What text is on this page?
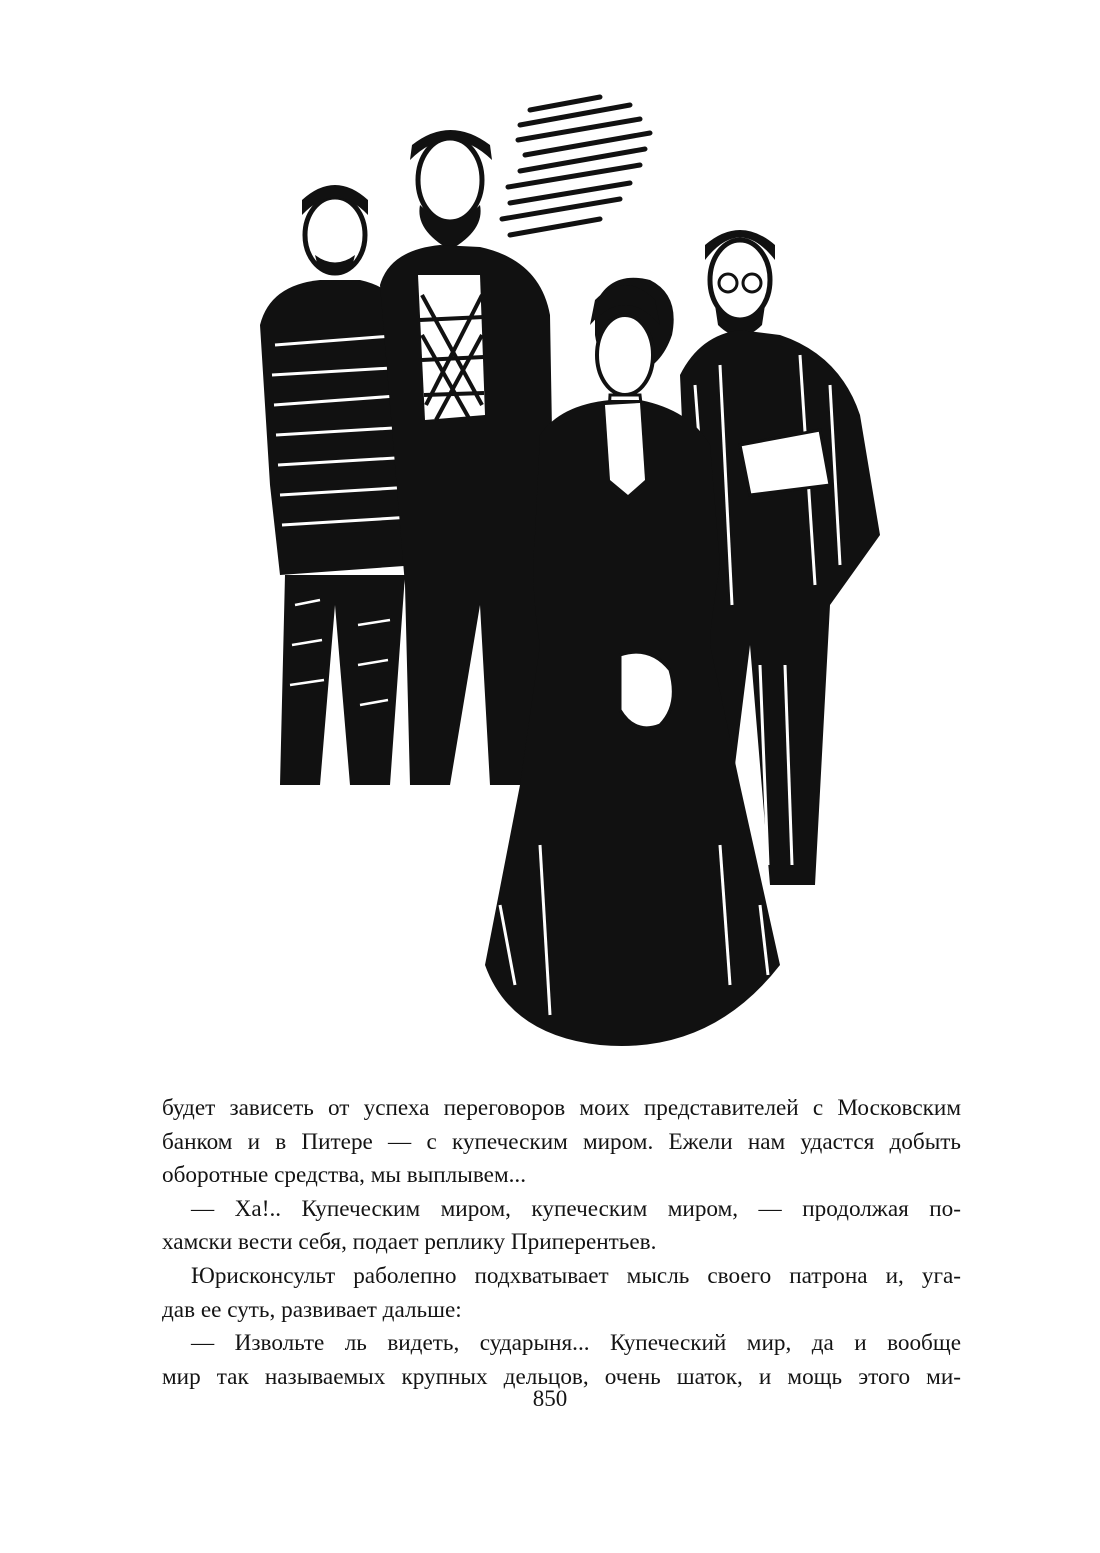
будет зависеть от успеха переговоров моих представителей с Московским

банком и в Питере — с купеческим миром. Ежели нам удастся добыть

оборотные средства, мы выплывем...

— Ха!.. Купеческим миром, купеческим миром, — продолжая по-

хамски вести себя, подает реплику Приперентьев.

Юрисконсульт раболепно подхватывает мысль своего патрона и, уга-

дав ее суть, развивает дальше:

— Извольте ль видеть, сударыня... Купеческий мир, да и вообще

мир так называемых крупных дельцов, очень шаток, и мощь этого ми-

850
